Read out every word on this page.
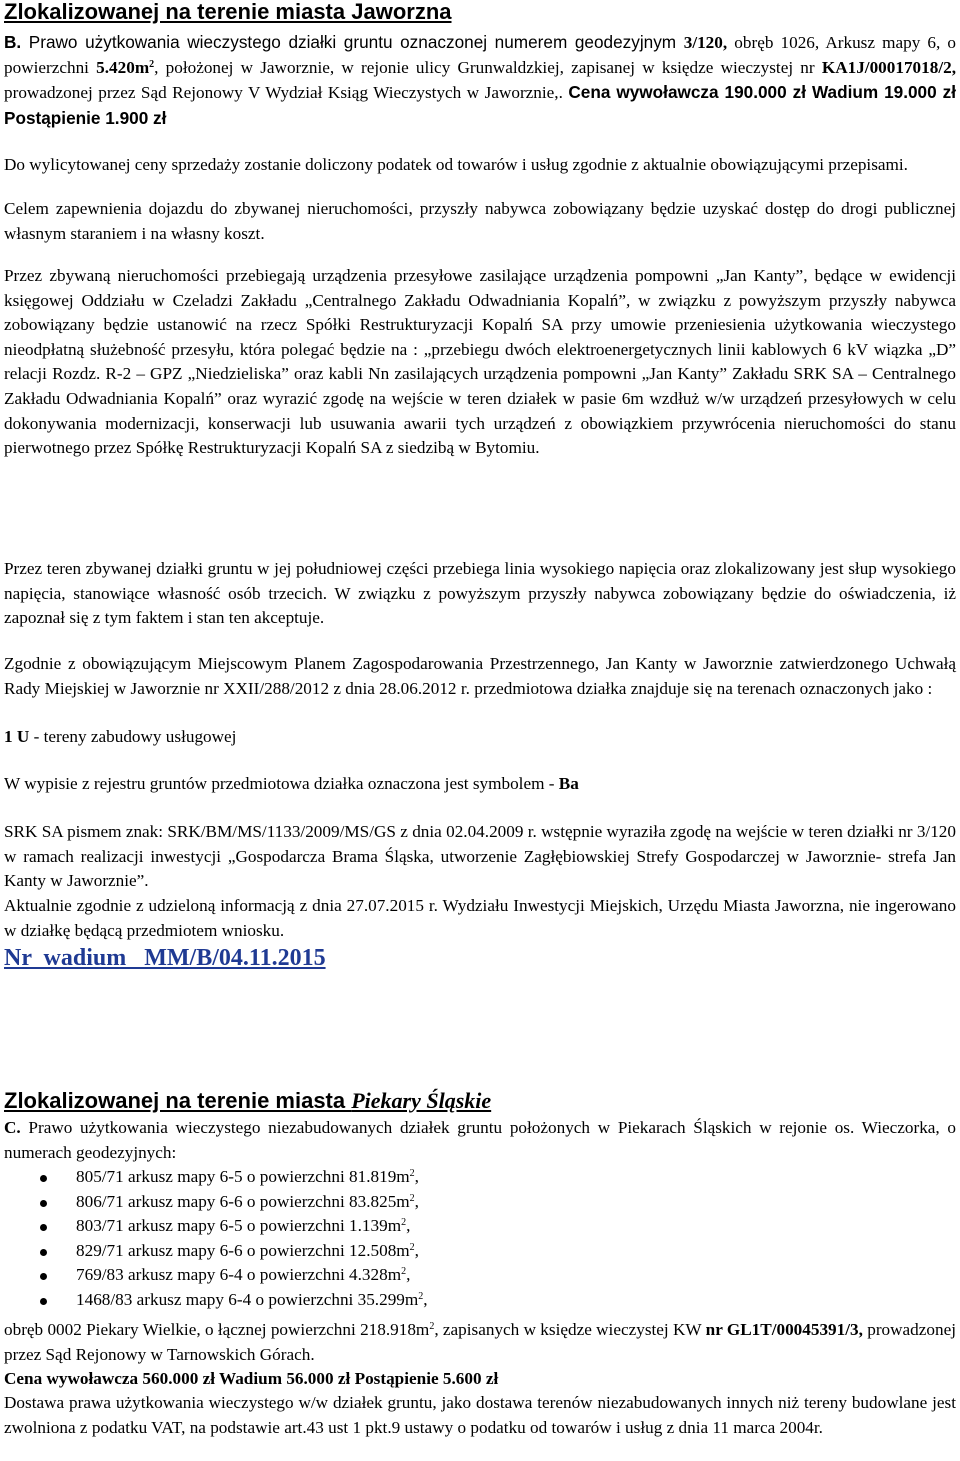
Zlokalizowanej na terenie miasta Jaworzna

B. Prawo użytkowania wieczystego działki gruntu oznaczonej numerem geodezyjnym 3/120, obręb 1026, Arkusz mapy 6, o powierzchni $5.420m^2$, położonej w Jaworznie, w rejonie ulicy Grunwaldzkiej, zapisanej w księdze wieczystej nr KA1J/00017018/2, prowadzonej przez Sąd Rejonowy V Wydział Ksiąg Wieczystych w Jaworznie,. Cena wywoławcza 190.000 zł Wadium 19.000 zł Postąpienie 1.900 zł

Do wylicytowanej ceny sprzedaży zostanie doliczony podatek od towarów i usług zgodnie z aktualnie obowiązującymi przepisami.

Celem zapewnienia dojazdu do zbywanej nieruchomości, przyszły nabywca zobowiązany będzie uzyskać dostęp do drogi publicznej własnym staraniem i na własny koszt.

Przez zbywaną nieruchomości przebiegają urządzenia przesyłowe zasilające urządzenia pompowni „Jan Kanty”, będące w ewidencji księgowej Oddziału w Czeladzi Zakładu „Centralnego Zakładu Odwadniania Kopalń”, w związku z powyższym przyszły nabywca zobowiązany będzie ustanowić na rzecz Spółki Restrukturyzacji Kopalń SA przy umowie przeniesienia użytkowania wieczystego nieodpłatną służebność przesyłu, która polegać będzie na : „przebiegu dwóch elektroenergetycznych linii kablowych 6 kV wiązka „D” relacji Rozdz. R-2 – GPZ „Niedzieliska” oraz kabli Nn zasilających urządzenia pompowni „Jan Kanty” Zakładu SRK SA – Centralnego Zakładu Odwadniania Kopalń” oraz wyrazić zgodę na wejście w teren działek w pasie 6m wzdłuż w/w urządzeń przesyłowych w celu dokonywania modernizacji, konserwacji lub usuwania awarii tych urządzeń z obowiązkiem przywrócenia nieruchomości do stanu pierwotnego przez Spółkę Restrukturyzacji Kopalń SA z siedzibą w Bytomiu.

Przez teren zbywanej działki gruntu w jej południowej części przebiega linia wysokiego napięcia oraz zlokalizowany jest słup wysokiego napięcia, stanowiące własność osób trzecich. W związku z powyższym przyszły nabywca zobowiązany będzie do oświadczenia, iż zapoznał się z tym faktem i stan ten akceptuje.

Zgodnie z obowiązującym Miejscowym Planem Zagospodarowania Przestrzennego, Jan Kanty w Jaworznie zatwierdzonego Uchwałą Rady Miejskiej w Jaworznie nr XXII/288/2012 z dnia 28.06.2012 r. przedmiotowa działka znajduje się na terenach oznaczonych jako :

1 U - tereny zabudowy usługowej

W wypisie z rejestru gruntów przedmiotowa działka oznaczona jest symbolem - Ba

SRK SA pismem znak: SRK/BM/MS/1133/2009/MS/GS z dnia 02.04.2009 r. wstępnie wyraziła zgodę na wejście w teren działki nr 3/120 w ramach realizacji inwestycji „Gospodarcza Brama Śląska, utworzenie Zagłębiowskiej Strefy Gospodarczej w Jaworznie- strefa Jan Kanty w Jaworznie”.

Aktualnie zgodnie z udzieloną informacją z dnia 27.07.2015 r. Wydziału Inwestycji Miejskich, Urzędu Miasta Jaworzna, nie ingerowano w działkę będącą przedmiotem wniosku.

Nr  wadium   MM/B/04.11.2015
Zlokalizowanej na terenie miasta Piekary Śląskie

C. Prawo użytkowania wieczystego niezabudowanych działek gruntu położonych w Piekarach Śląskich w rejonie os. Wieczorka, o numerach geodezyjnych:

805/71 arkusz mapy 6-5 o powierzchni $81.819m^2$,
806/71 arkusz mapy 6-6 o powierzchni $83.825m^2$,
803/71 arkusz mapy 6-5 o powierzchni $1.139m^2$,
829/71 arkusz mapy 6-6 o powierzchni $12.508m^2$,
769/83 arkusz mapy 6-4 o powierzchni $4.328m^2$,
1468/83 arkusz mapy 6-4 o powierzchni $35.299m^2$,

obręb 0002 Piekary Wielkie, o łącznej powierzchni $218.918m^2$, zapisanych w księdze wieczystej KW nr GL1T/00045391/3, prowadzonej przez Sąd Rejonowy w Tarnowskich Górach.

Cena wywoławcza 560.000 zł Wadium 56.000 zł Postąpienie 5.600 zł

Dostawa prawa użytkowania wieczystego w/w działek gruntu, jako dostawa terenów niezabudowanych innych niż tereny budowlane jest zwolniona z podatku VAT, na podstawie art.43 ust 1 pkt.9 ustawy o podatku od towarów i usług z dnia 11 marca 2004r.
